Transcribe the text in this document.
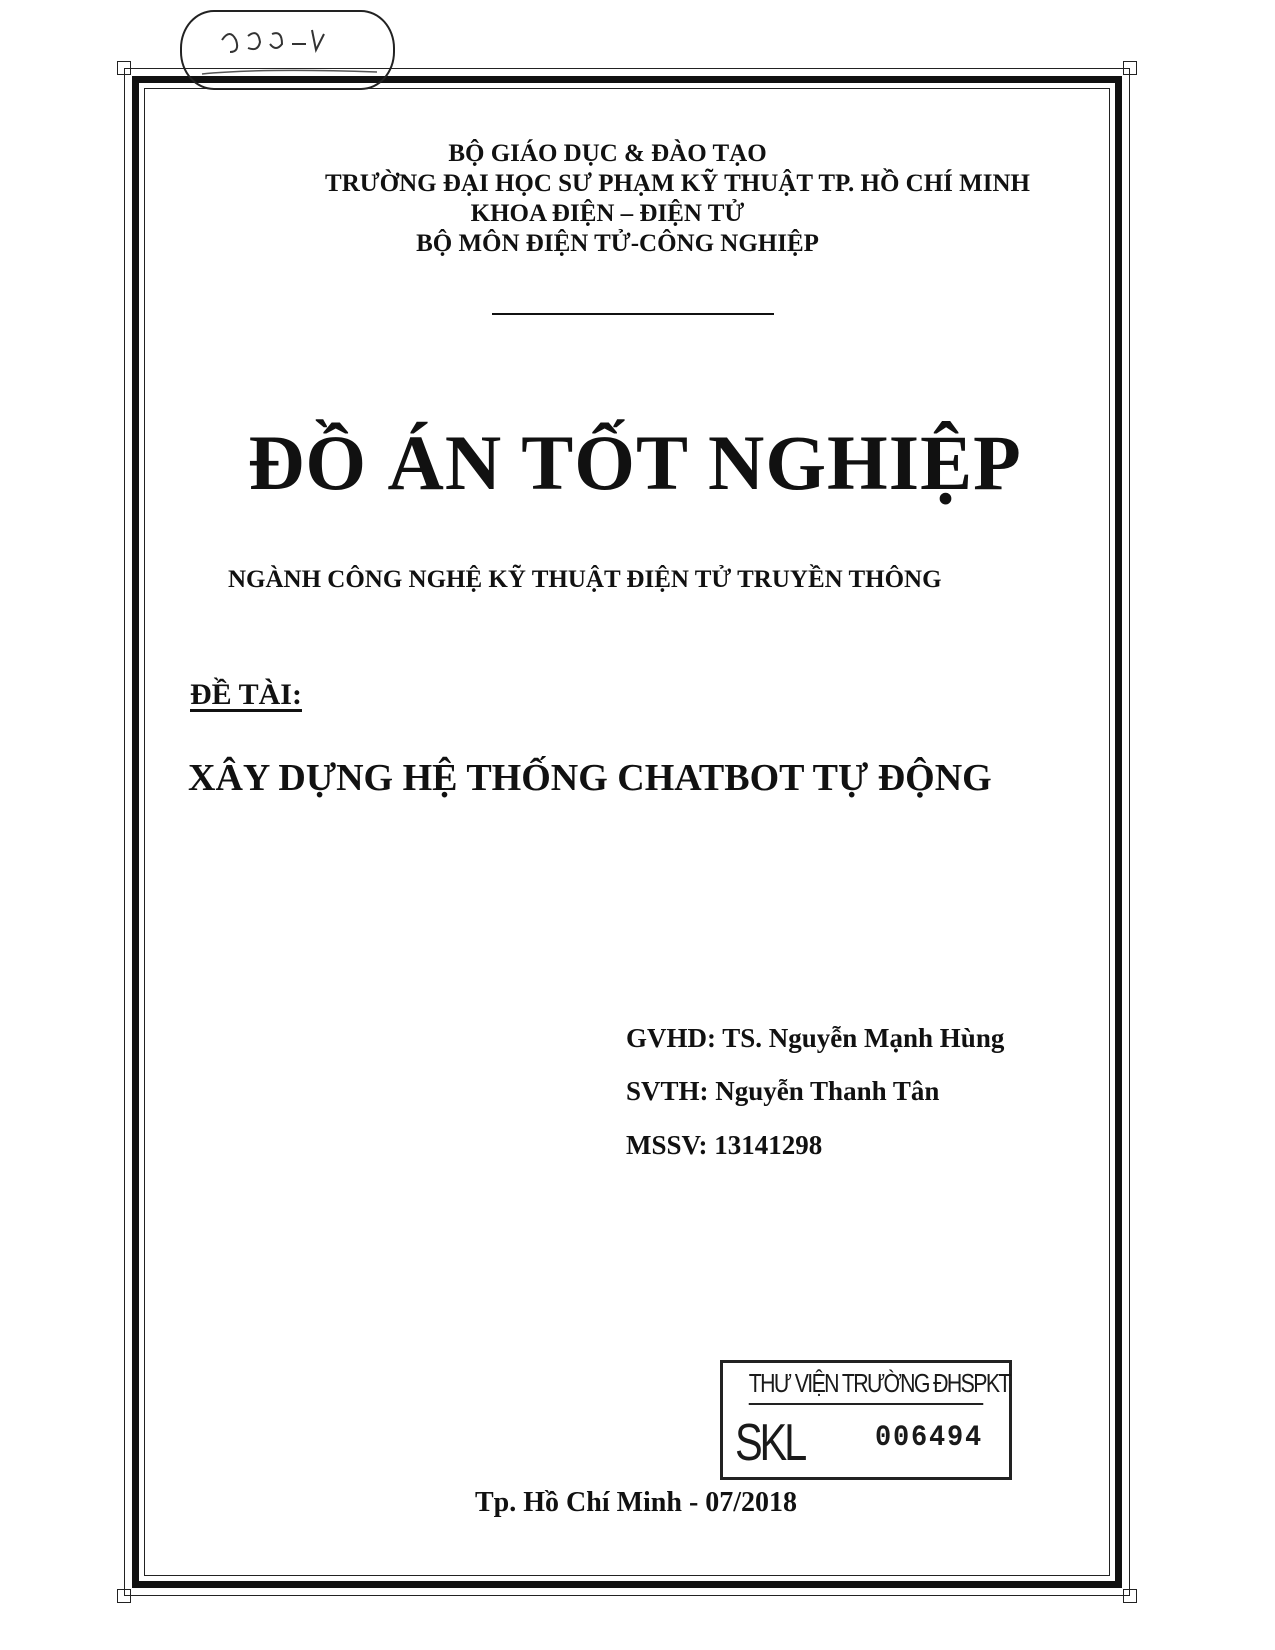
BỘ GIÁO DỤC & ĐÀO TẠO
TRƯỜNG ĐẠI HỌC SƯ PHẠM KỸ THUẬT TP. HỒ CHÍ MINH
KHOA ĐIỆN – ĐIỆN TỬ
BỘ MÔN ĐIỆN TỬ-CÔNG NGHIỆP
ĐỒ ÁN TỐT NGHIỆP
NGÀNH CÔNG NGHỆ KỸ THUẬT ĐIỆN TỬ TRUYỀN THÔNG
ĐỀ TÀI:
XÂY DỰNG HỆ THỐNG CHATBOT TỰ ĐỘNG
GVHD: TS. Nguyễn Mạnh Hùng
SVTH: Nguyễn Thanh Tân
MSSV: 13141298
THƯ VIỆN TRƯỜNG ĐHSPKT
SKL 006494
Tp. Hồ Chí Minh - 07/2018
